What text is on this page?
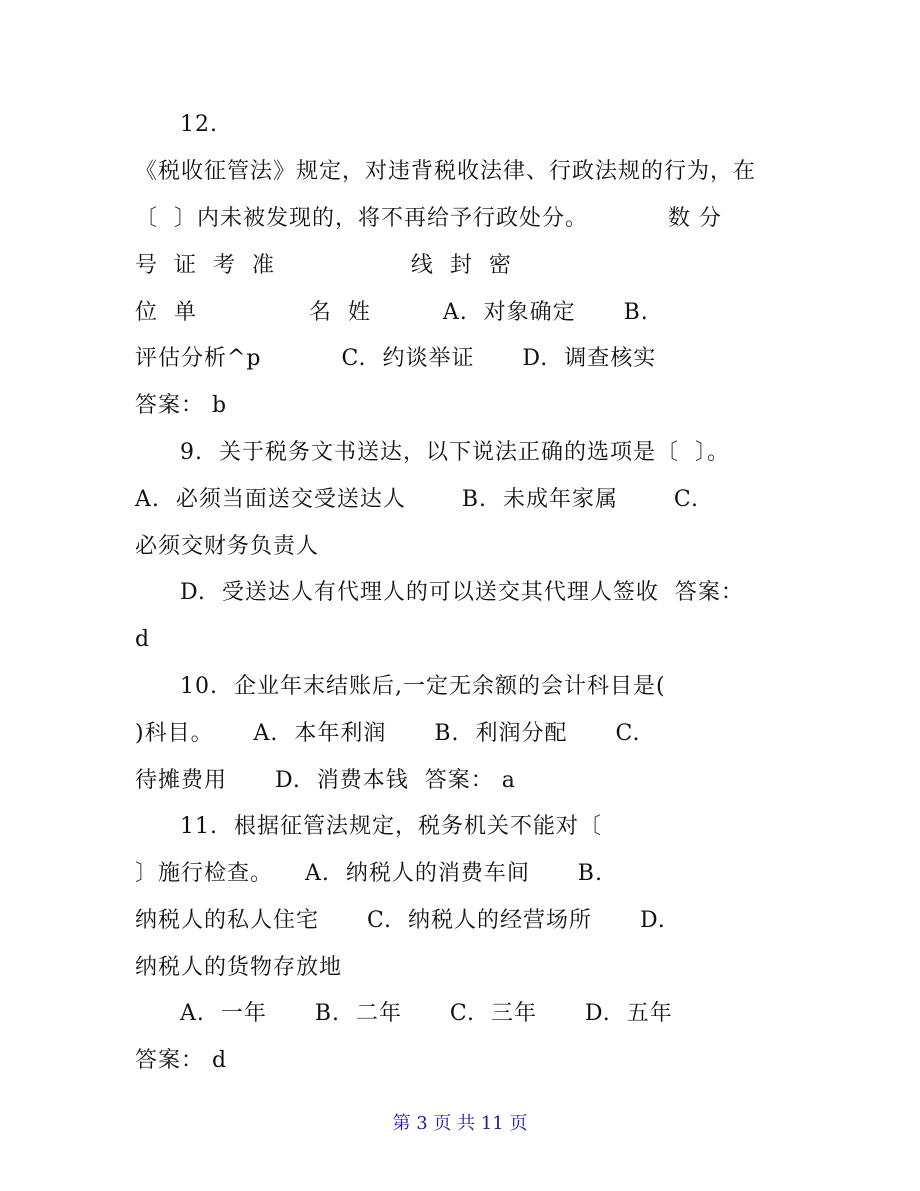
12.
《税收征管法》规定，对违背税收法律、行政法规的行为，在
〔  〕内未被发现的，将不再给予行政处分。          数 分
号  证  考  准                 线  封  密
位  单              名  姓         A.  对象确定      B.
评估分析^p          C.  约谈举证      D.  调查核实
答案： b
9.  关于税务文书送达，以下说法正确的选项是〔  〕。
A.  必须当面送交受送达人       B.  未成年家属       C.
必须交财务负责人
D.  受送达人有代理人的可以送交其代理人签收  答案：
d
10.  企业年末结账后,一定无余额的会计科目是(
)科目。     A.  本年利润      B.  利润分配      C.
待摊费用      D.  消费本钱  答案： a
11.  根据征管法规定，税务机关不能对〔
〕施行检查。    A.  纳税人的消费车间      B.
纳税人的私人住宅      C.  纳税人的经营场所      D.
纳税人的货物存放地
A.  一年      B.  二年      C.  三年      D.  五年
答案： d
第 3 页 共 11 页
